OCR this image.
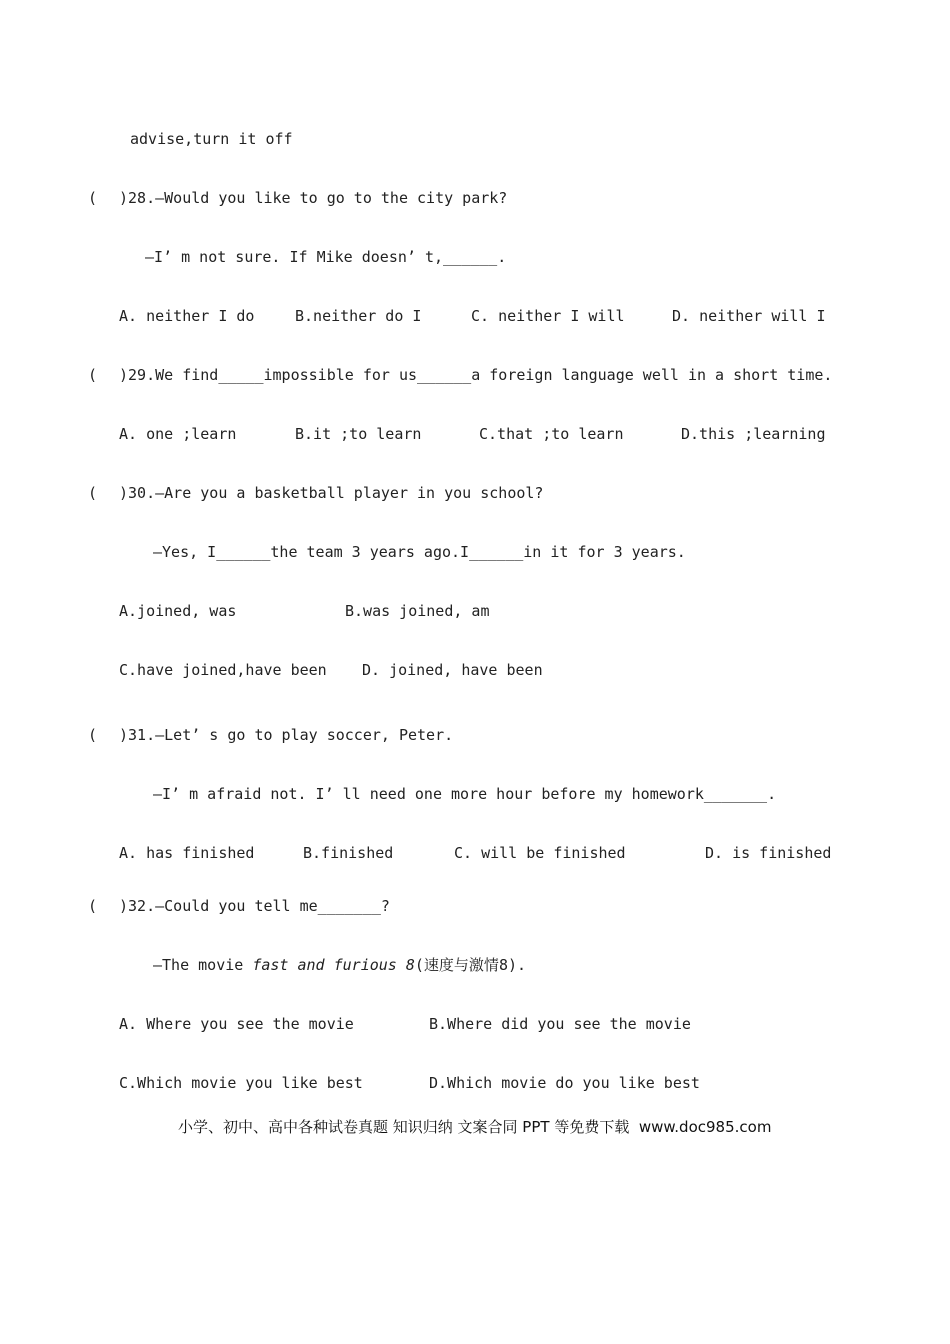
advise,turn it off
( )28.—Would you like to go to the city park?
—I’ m not sure. If Mike doesn’ t,______.
A. neither I do	B.neither do I	C. neither I will	D. neither will I
( )29.We find_____impossible for us______a foreign language well in a short time.
A. one ;learn	B.it ;to learn	C.that ;to learn	D.this ;learning
( )30.—Are you a basketball player in you school?
—Yes, I______the team 3 years ago.I______in it for 3 years.
A.joined, was	B.was joined, am
C.have joined,have been D. joined, have been
( )31.—Let’ s go to play soccer, Peter.
—I’ m afraid not. I’ ll need one more hour before my homework_______.
A. has finished	B.finished	C. will be finished	D. is finished
( )32.—Could you tell me_______?
—The movie fast and furious 8(速度与激情8).
A. Where you see the movie	B.Where did you see the movie
C.Which movie you like best	D.Which movie do you like best
小学、初中、高中各种试卷真题 知识归纳 文案合同 PPT 等免费下载  www.doc985.com
